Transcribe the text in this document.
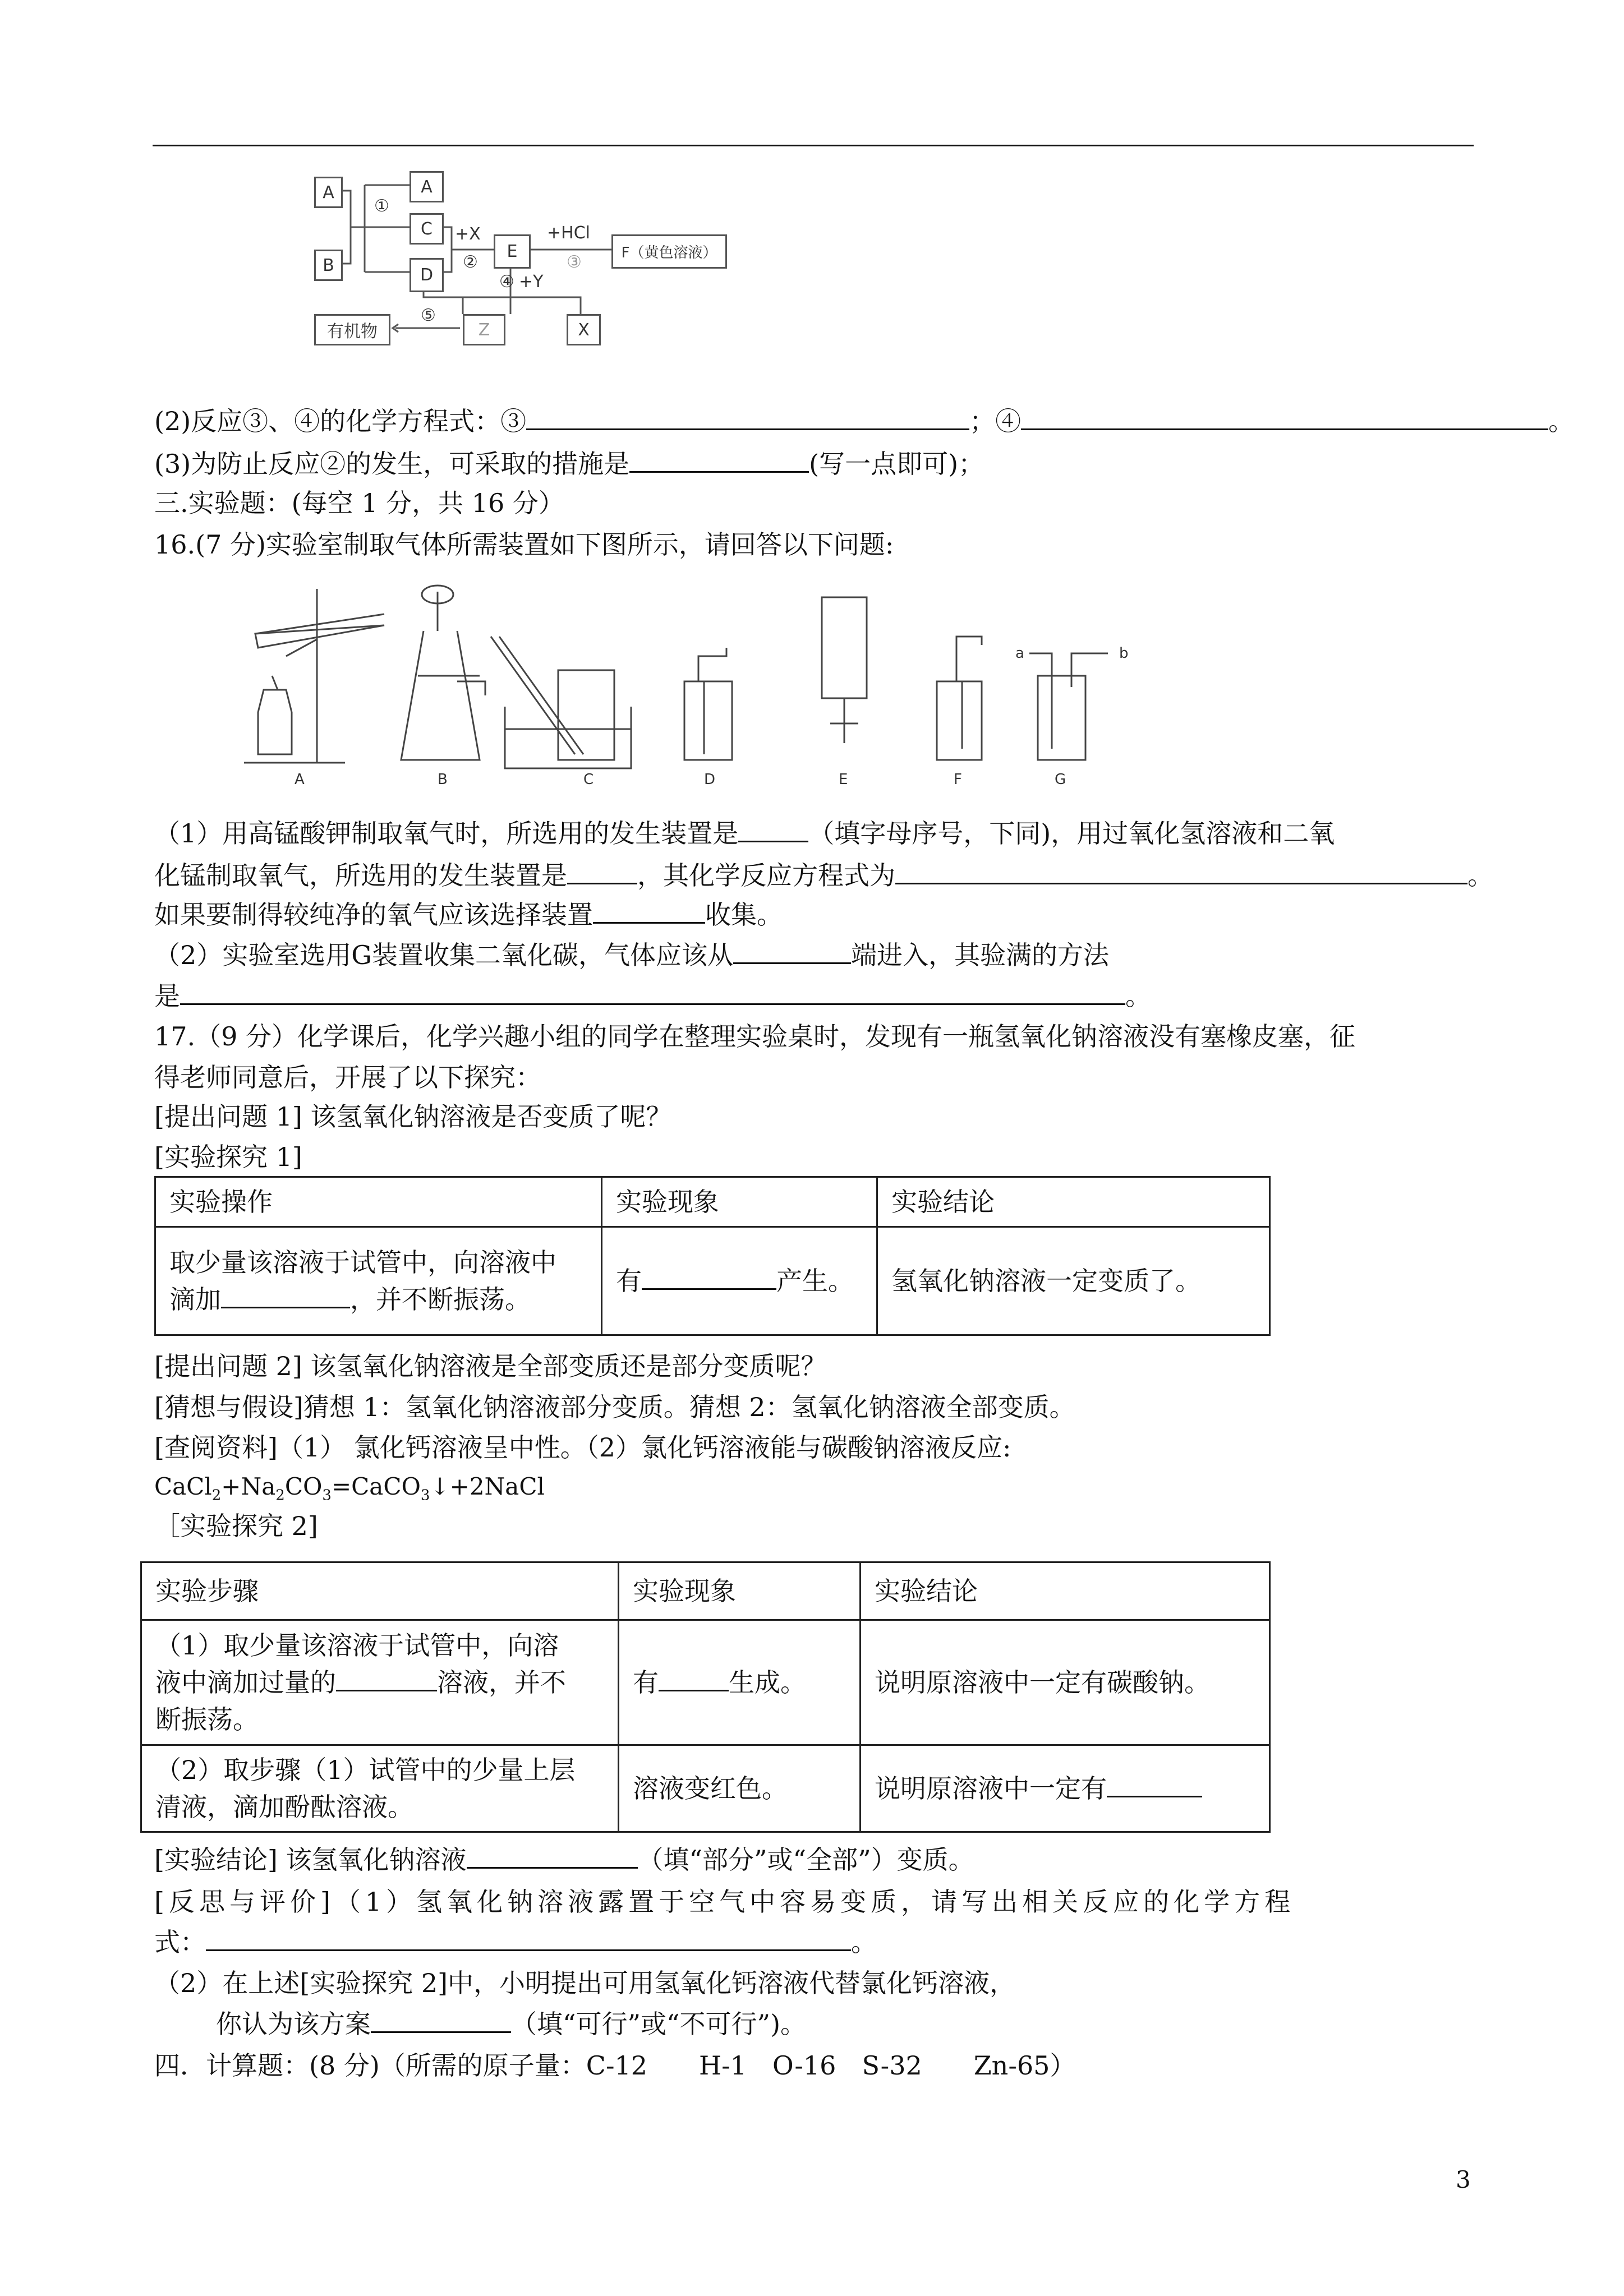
A
B
A
C
D
E	F（黄色溶液）
Z	X
有机物
①
+X
②
+HCl
③
④ +Y
⑤
(2)反应③、④的化学方程式：③	；④	。
(3)为防止反应②的发生，可采取的措施是	(写一点即可)；
三.实验题：(每空 1 分，共 16 分）
16.(7 分)实验室制取气体所需装置如下图所示，请回答以下问题:
A	B	C	D	E	F	G
a	b
（1）用高锰酸钾制取氧气时，所选用的发生装置是	（填字母序号，下同)，用过氧化氢溶液和二氧
化锰制取氧气，所选用的发生装置是	，其化学反应方程式为	。
如果要制得较纯净的氧气应该选择装置	收集。
（2）实验室选用G装置收集二氧化碳，气体应该从	端进入，其验满的方法
是	。
17.（9 分）化学课后，化学兴趣小组的同学在整理实验桌时，发现有一瓶氢氧化钠溶液没有塞橡皮塞，征
得老师同意后，开展了以下探究：
[提出问题 1] 该氢氧化钠溶液是否变质了呢？
[实验探究 1]
实验操作	实验现象	实验结论

取少量该溶液于试管中，向溶液中
滴加 ，并不断振荡。	有 产生。	氢氧化钠溶液一定变质了。
[提出问题 2] 该氢氧化钠溶液是全部变质还是部分变质呢？
[猜想与假设]猜想 1：氢氧化钠溶液部分变质。猜想 2：氢氧化钠溶液全部变质。
[查阅资料]（1） 氯化钙溶液呈中性。（2）氯化钙溶液能与碳酸钠溶液反应:
$CaCl_2+Na_2CO_3=CaCO_3↓+2NaCl$
［实验探究 2]
实验步骤	实验现象	实验结论

（1）取少量该溶液于试管中，向溶
液中滴加过量的 溶液，并不
断振荡。	有 生成。	说明原溶液中一定有碳酸钠。

（2）取步骤（1）试管中的少量上层
清液，滴加酚酞溶液。	溶液变红色。	说明原溶液中一定有
[实验结论] 该氢氧化钠溶液	（填“部分”或“全部”）变质。
[反思与评价]（1）氢氧化钠溶液露置于空气中容易变质，请写出相关反应的化学方程
式：	。
（2）在上述[实验探究 2]中，小明提出可用氢氧化钙溶液代替氯化钙溶液，
你认为该方案	（填“可行”或“不可行”)。
四．计算题：(8 分)（所需的原子量：C-12　　H-1　O-16　S-32　　Zn-65）
3
